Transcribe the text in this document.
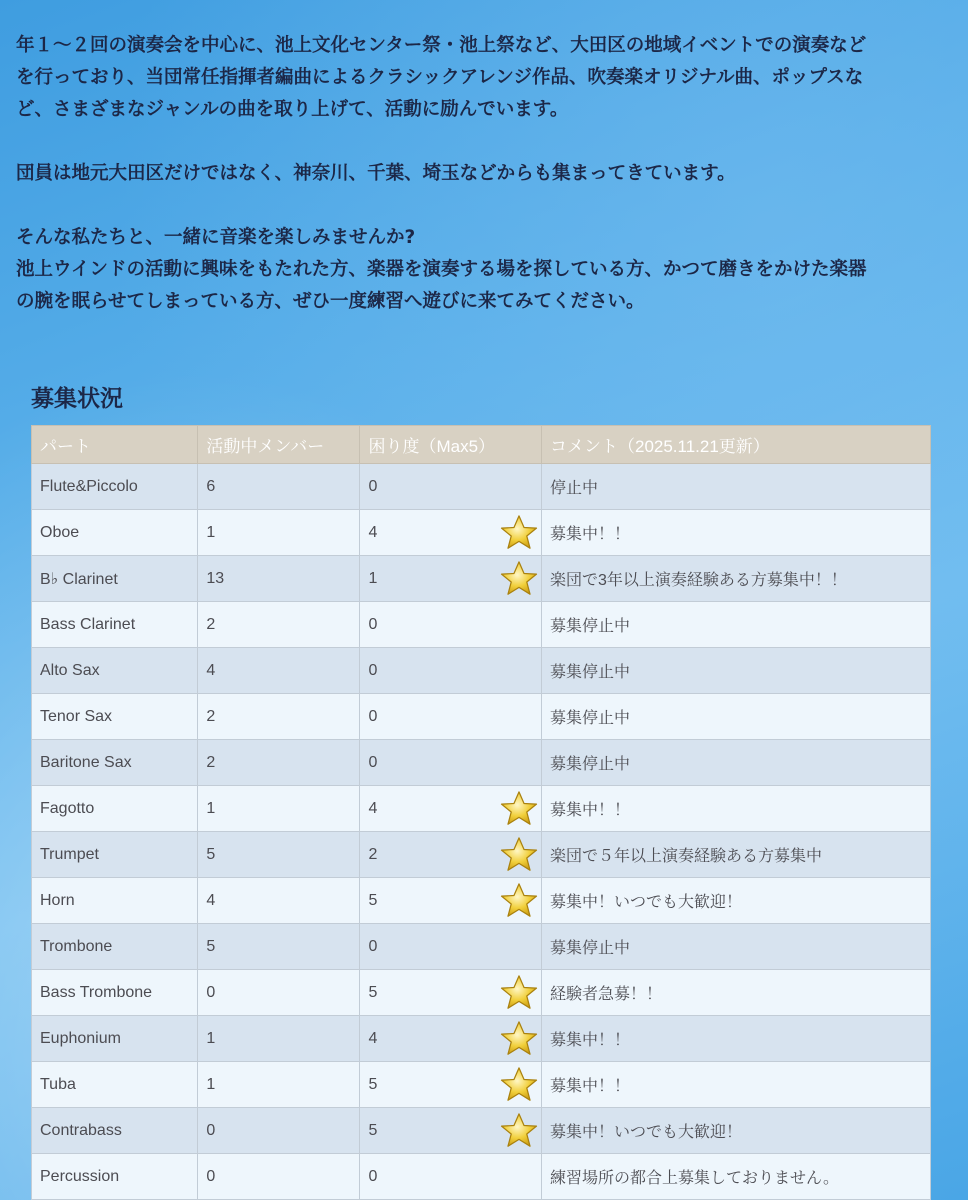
年１～２回の演奏会を中心に、池上文化センター祭・池上祭など、大田区の地域イベントでの演奏など
を行っており、当団常任指揮者編曲によるクラシックアレンジ作品、吹奏楽オリジナル曲、ポップスな
ど、さまざまなジャンルの曲を取り上げて、活動に励んでいます。

団員は地元大田区だけではなく、神奈川、千葉、埼玉などからも集まってきています。

そんな私たちと、一緒に音楽を楽しみませんか?
池上ウインドの活動に興味をもたれた方、楽器を演奏する場を探している方、かつて磨きをかけた楽器
の腕を眠らせてしまっている方、ぜひ一度練習へ遊びに来てみてください。

募集状況
パート	活動中メンバー	困り度（Max5）	コメント（2025.11.21更新）
Flute&Piccolo	6	0	停止中
Oboe	1	4	募集中！！
B♭ Clarinet	13	1	楽団で3年以上演奏経験ある方募集中！！
Bass Clarinet	2	0	募集停止中
Alto Sax	4	0	募集停止中
Tenor Sax	2	0	募集停止中
Baritone Sax	2	0	募集停止中
Fagotto	1	4	募集中！！
Trumpet	5	2	楽団で５年以上演奏経験ある方募集中
Horn	4	5	募集中！いつでも大歓迎！
Trombone	5	0	募集停止中
Bass Trombone	0	5	経験者急募！！
Euphonium	1	4	募集中！！
Tuba	1	5	募集中！！
Contrabass	0	5	募集中！いつでも大歓迎！
Percussion	0	0	練習場所の都合上募集しておりません。
